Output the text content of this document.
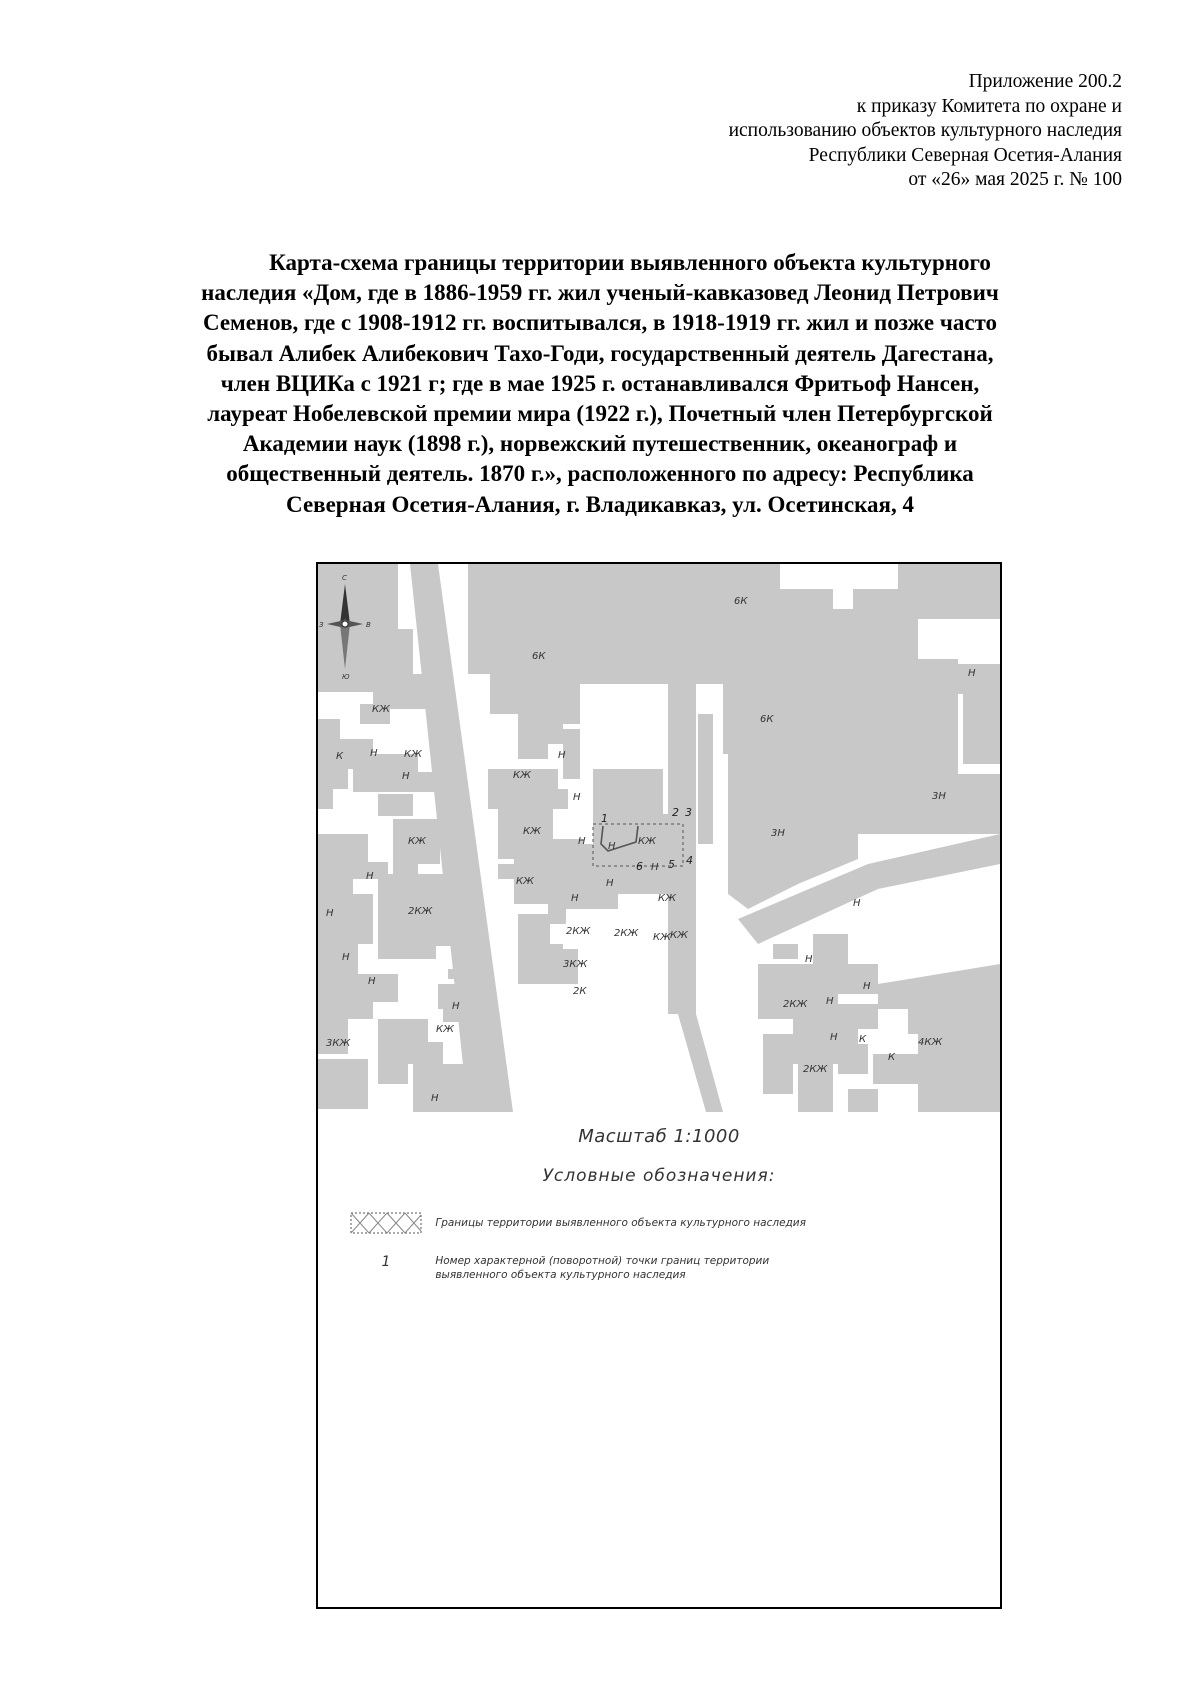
Приложение 200.2
к приказу Комитета по охране и
использованию объектов культурного наследия
Республики Северная Осетия-Алания
от «26» мая 2025 г. № 100
Карта-схема границы территории выявленного объекта культурного
наследия «Дом, где в 1886-1959 гг. жил ученый-кавказовед Леонид Петрович
Семенов, где с 1908-1912 гг. воспитывался, в 1918-1919 гг. жил и позже часто
бывал Алибек Алибекович Тахо-Годи, государственный деятель Дагестана,
член ВЦИКа с 1921 г; где в мае 1925 г. останавливался Фритьоф Нансен,
лауреат Нобелевской премии мира (1922 г.), Почетный член Петербургской
Академии наук (1898 г.), норвежский путешественник, океанограф и
общественный деятель. 1870 г.», расположенного по адресу: Республика
Северная Осетия-Алания, г. Владикавказ, ул. Осетинская, 4
1	2 3
4
5
6
6К
6К
6К
КЖ
К	Н	КЖ
Н	КЖ
Н
Н
КЖ
Н
2КЖ
Н
Н
Н
3КЖ
КЖ
Н
Н
КЖ
Н
Н	КЖ
КЖ	Н
КЖ
Н
Н
КЖ
2КЖ 2КЖ КЖ
3КЖ
2К
3Н
3Н
Н
Н
Н
Н
2КЖ Н
Н К
К
2КЖ
4КЖ
С
З	В
Ю
Масштаб 1:1000
Условные обозначения:
Границы территории выявленного объекта культурного наследия
1	Номер характерной (поворотной) точки границ территории
выявленного объекта культурного наследия
